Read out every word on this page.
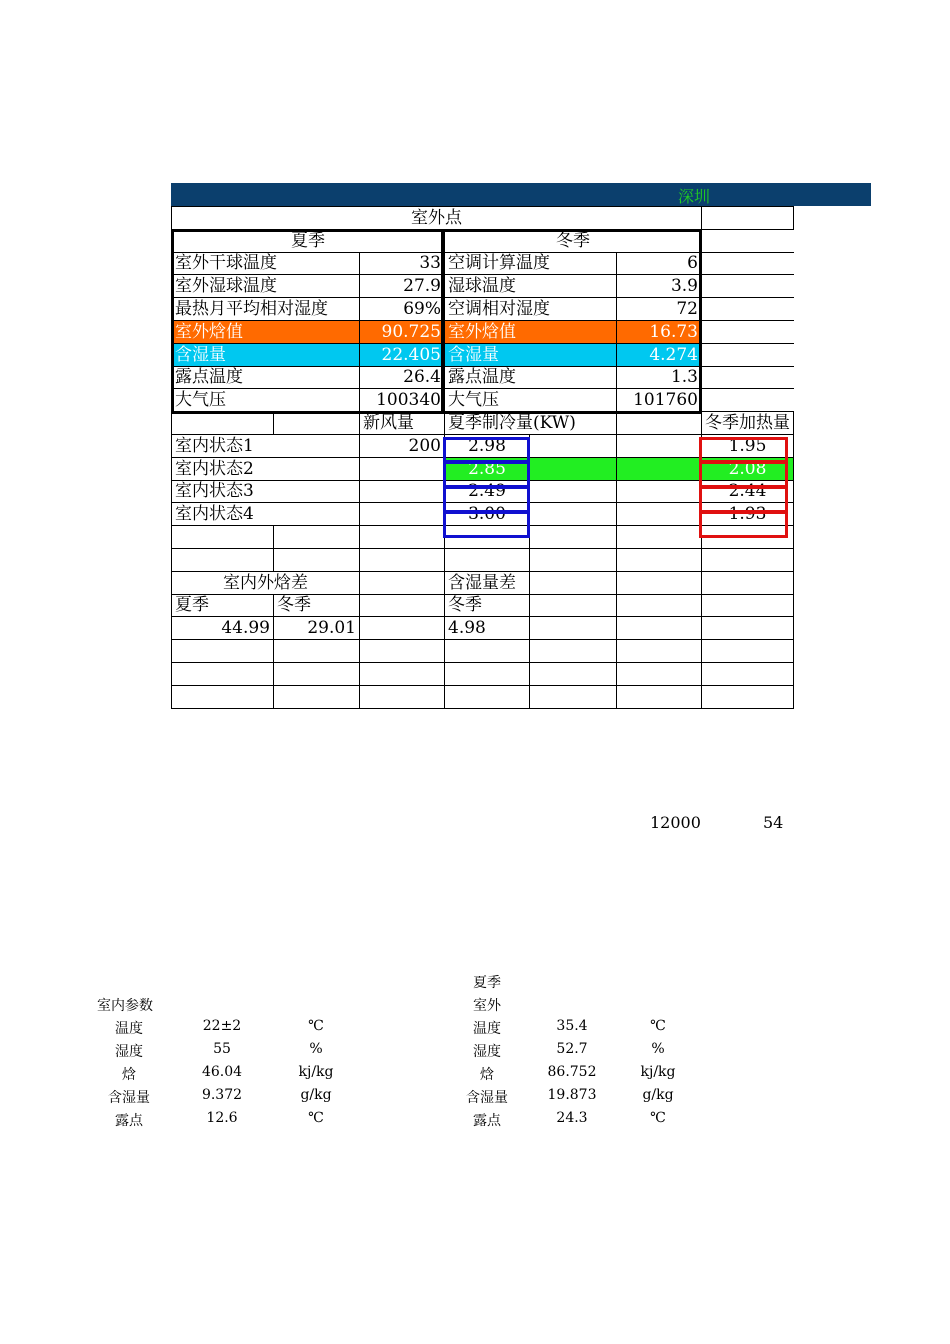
深圳
室外点						
夏季			冬季			
室外干球温度		33	空调计算温度		6	
室外湿球温度		27.9	湿球温度		3.9	
最热月平均相对湿度		69%	空调相对湿度		72	
室外焓值		90.725	室外焓值		16.73	
含湿量		22.405	含湿量		4.274	
露点温度		26.4	露点温度		1.3	
大气压		100340	大气压		101760	
		新风量	夏季制冷量(KW)			冬季加热量
室内状态1		200	2.98			1.95
室内状态2			2.85			2.08
室内状态3			2.49			2.44
室内状态4			3.00			1.93

室内外焓差			含湿量差			
夏季	冬季		冬季			
44.99	29.01		4.98			

12000	54
室内参数
温度	22±2	℃
湿度	55	%
焓	46.04	kj/kg
含湿量	9.372	g/kg
露点	12.6	℃
夏季
室外
温度	35.4	℃
湿度	52.7	%
焓	86.752	kj/kg
含湿量	19.873	g/kg
露点	24.3	℃
